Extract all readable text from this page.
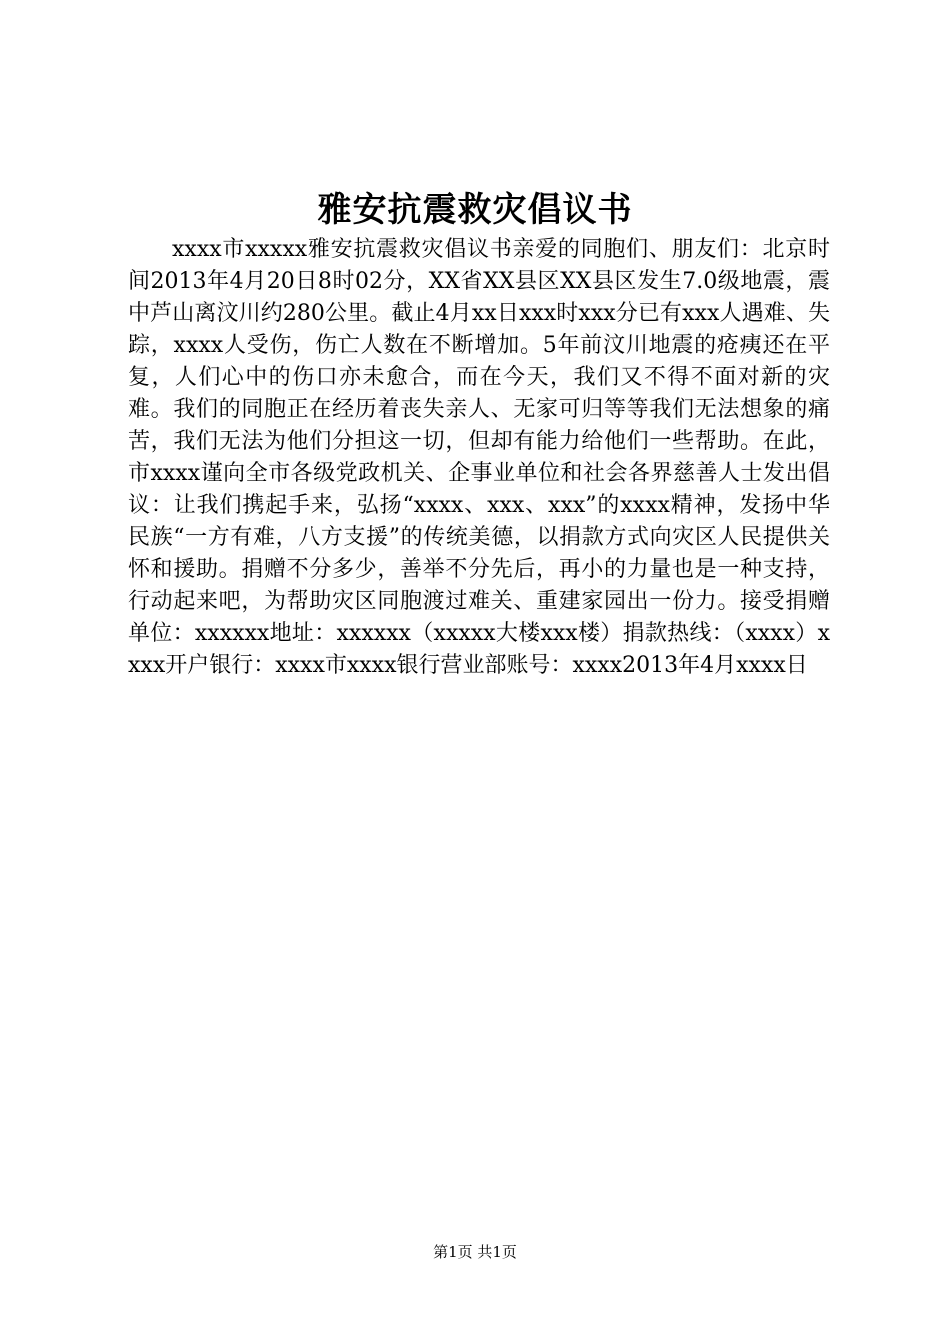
雅安抗震救灾倡议书
xxxx市xxxxx雅安抗震救灾倡议书亲爱的同胞们、朋友们：北京时间2013年4月20日8时02分，XX省XX县区XX县区发生7.0级地震，震中芦山离汶川约280公里。截止4月xx日xxx时xxx分已有xxx人遇难、失踪，xxxx人受伤，伤亡人数在不断增加。5年前汶川地震的疮痍还在平复，人们心中的伤口亦未愈合，而在今天，我们又不得不面对新的灾难。我们的同胞正在经历着丧失亲人、无家可归等等我们无法想象的痛苦，我们无法为他们分担这一切，但却有能力给他们一些帮助。在此，市xxxx谨向全市各级党政机关、企事业单位和社会各界慈善人士发出倡议：让我们携起手来，弘扬“xxxx、xxx、xxx”的xxxx精神，发扬中华民族“一方有难，八方支援”的传统美德，以捐款方式向灾区人民提供关怀和援助。捐赠不分多少，善举不分先后，再小的力量也是一种支持，行动起来吧，为帮助灾区同胞渡过难关、重建家园出一份力。接受捐赠单位：xxxxxx地址：xxxxxx（xxxxx大楼xxx楼）捐款热线：（xxxx）xxxx开户银行：xxxx市xxxx银行营业部账号：xxxx2013年4月xxxx日
第1页 共1页
